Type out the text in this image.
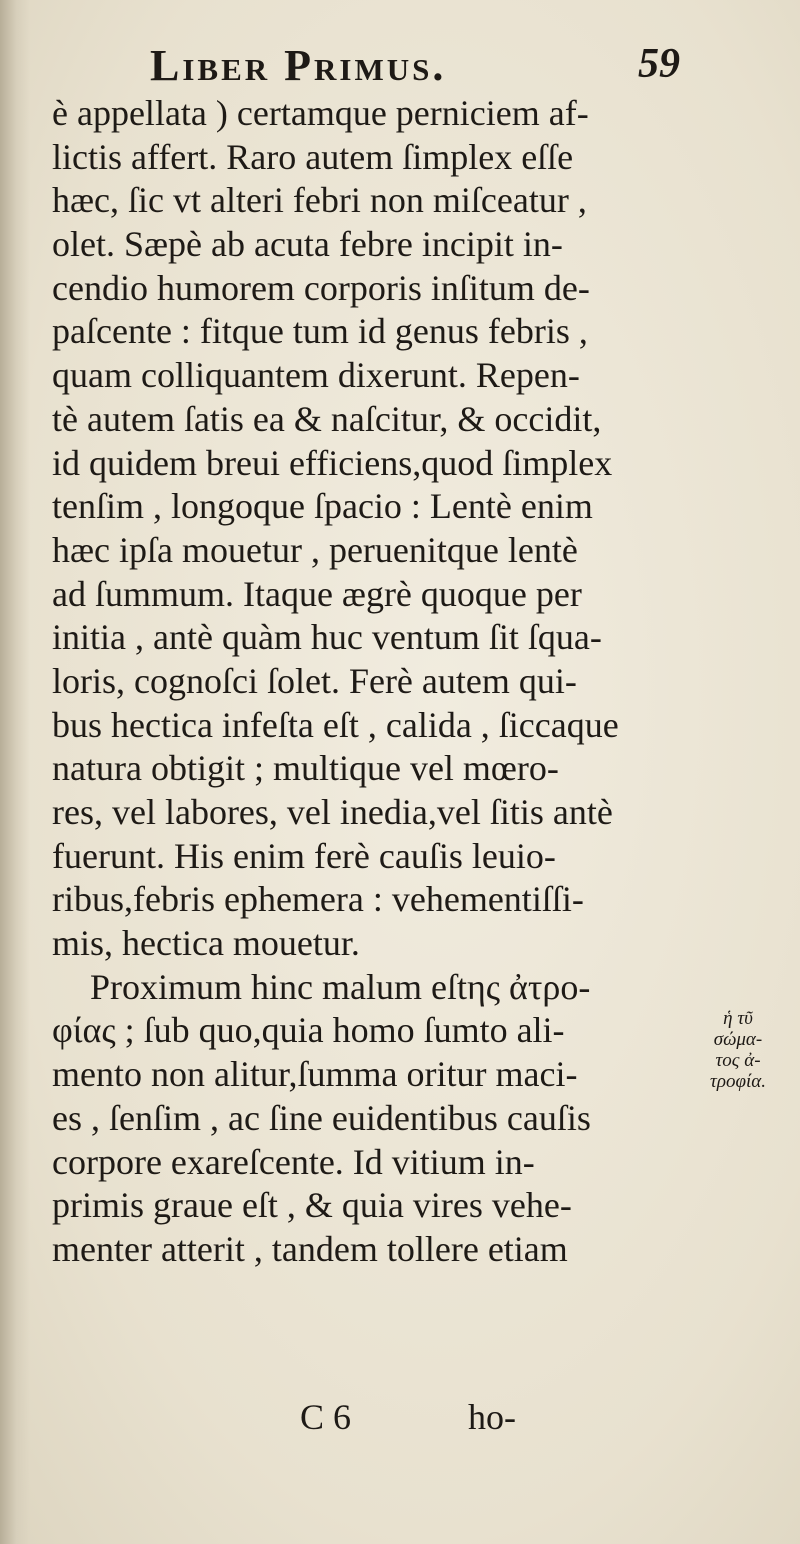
Liber Primus.	59
è appellata ) certamque perniciem af-
lictis affert. Raro autem ſimplex eſſe
hæc, ſic vt alteri febri non miſceatur ,
olet. Sæpè ab acuta febre incipit in-
cendio humorem corporis inſitum de-
paſcente : fitque tum id genus febris ,
quam colliquantem dixerunt. Repen-
tè autem ſatis ea & naſcitur, & occidit,
id quidem breui efficiens,quod ſimplex
tenſim , longoque ſpacio : Lentè enim
hæc ipſa mouetur , peruenitque lentè
ad ſummum. Itaque ægrè quoque per
initia , antè quàm huc ventum ſit ſqua-
loris, cognoſci ſolet. Ferè autem qui-
bus hectica infeſta eſt , calida , ſiccaque
natura obtigit ; multique vel mœro-
res, vel labores, vel inedia,vel ſitis antè
fuerunt. His enim ferè cauſis leuio-
ribus,febris ephemera : vehementiſſi-
mis, hectica mouetur.
Proximum hinc malum eſtης ἀτρο-
φίας ; ſub quo,quia homo ſumto ali-
mento non alitur,ſumma oritur maci-
es , ſenſim , ac ſine euidentibus cauſis
corpore exareſcente. Id vitium in-
primis graue eſt , & quia vires vehe-
menter atterit , tandem tollere etiam
ἡ τῦ
σώμα-
τος ἀ-
τροφία.
C 6	ho-
